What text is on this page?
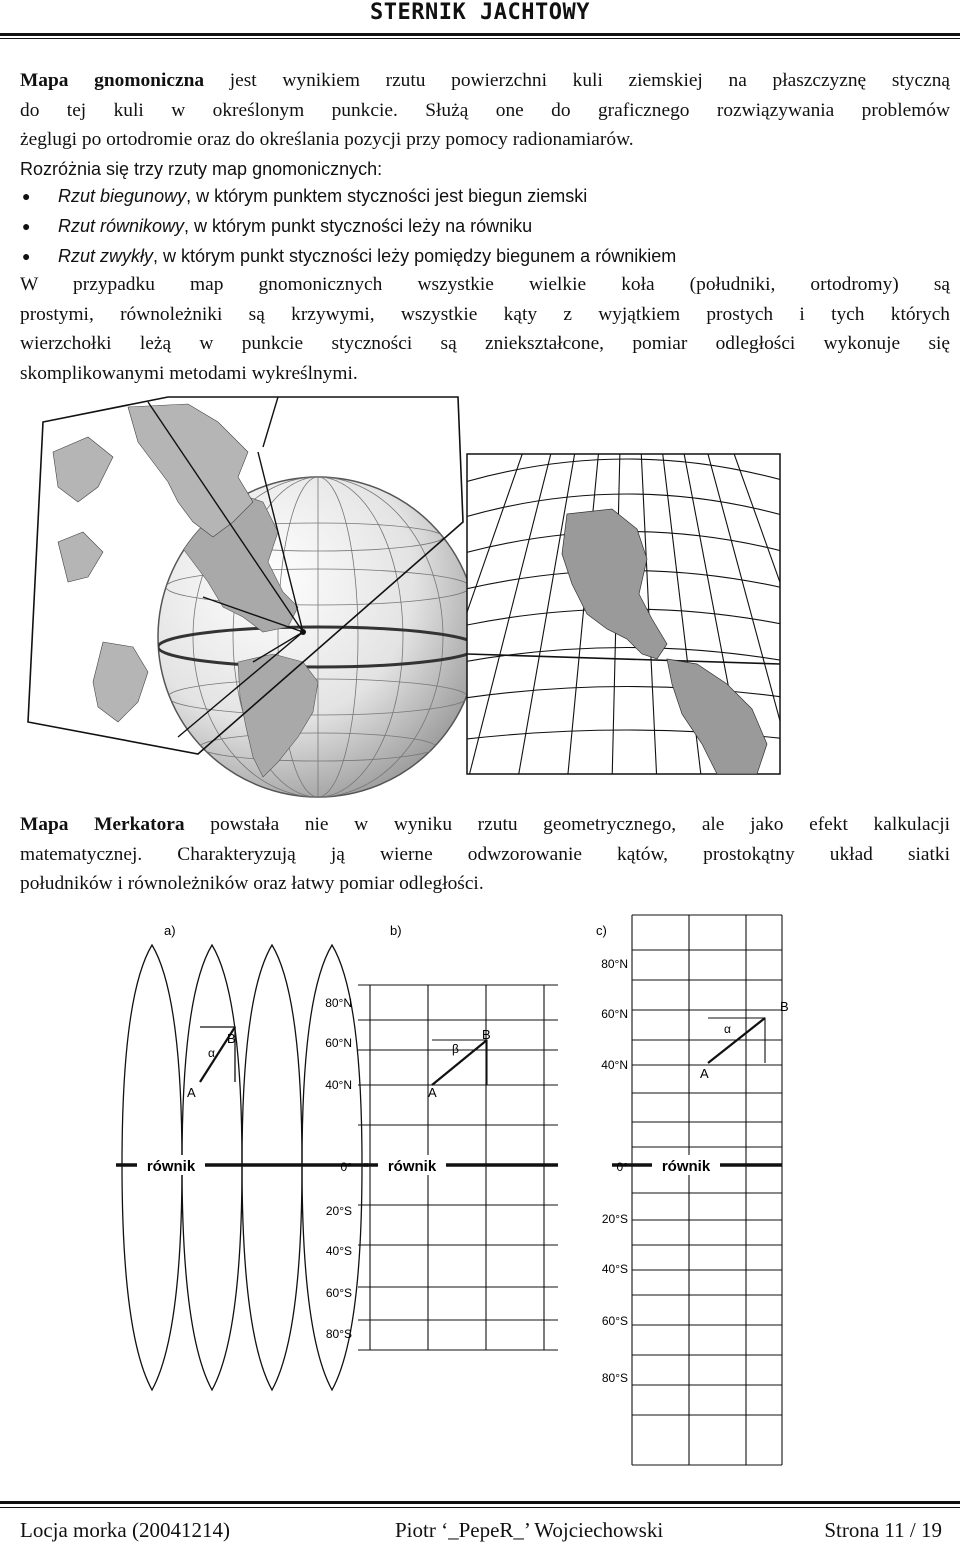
STERNIK JACHTOWY
Mapa gnomoniczna jest wynikiem rzutu powierzchni kuli ziemskiej na płaszczyznę styczną
do tej kuli w określonym punkcie. Służą one do graficznego rozwiązywania problemów
żeglugi po ortodromie oraz do określania pozycji przy pomocy radionamiarów.
Rozróżnia się trzy rzuty map gnomonicznych:
●	Rzut biegunowy , w którym punktem styczności jest biegun ziemski
●	Rzut równikowy , w którym punkt styczności leży na równiku
●	Rzut zwykły , w którym punkt styczności leży pomiędzy biegunem a równikiem
W przypadku map gnomonicznych wszystkie wielkie koła (południki, ortodromy) są
prostymi, równoleżniki są krzywymi, wszystkie kąty z wyjątkiem prostych i tych których
wierzchołki leżą w punkcie styczności są zniekształcone, pomiar odległości wykonuje się
skomplikowanymi metodami wykreślnymi.
Mapa Merkatora powstała nie w wyniku rzutu geometrycznego, ale jako efekt kalkulacji
matematycznej. Charakteryzują ją wierne odwzorowanie kątów, prostokątny układ siatki
południków i równoleżników oraz łatwy pomiar odległości.
równik
a)
A
B
α
równik
b)
A
B
β
80°N
60°N
40°N
0°
20°S
40°S
60°S
80°S
równik
c)
A
B
α
80°N
60°N
40°N
0°
20°S
40°S
60°S
80°S
Locja morka (20041214)	Piotr ‘_PepeR_’ Wojciechowski	Strona 11 / 19
